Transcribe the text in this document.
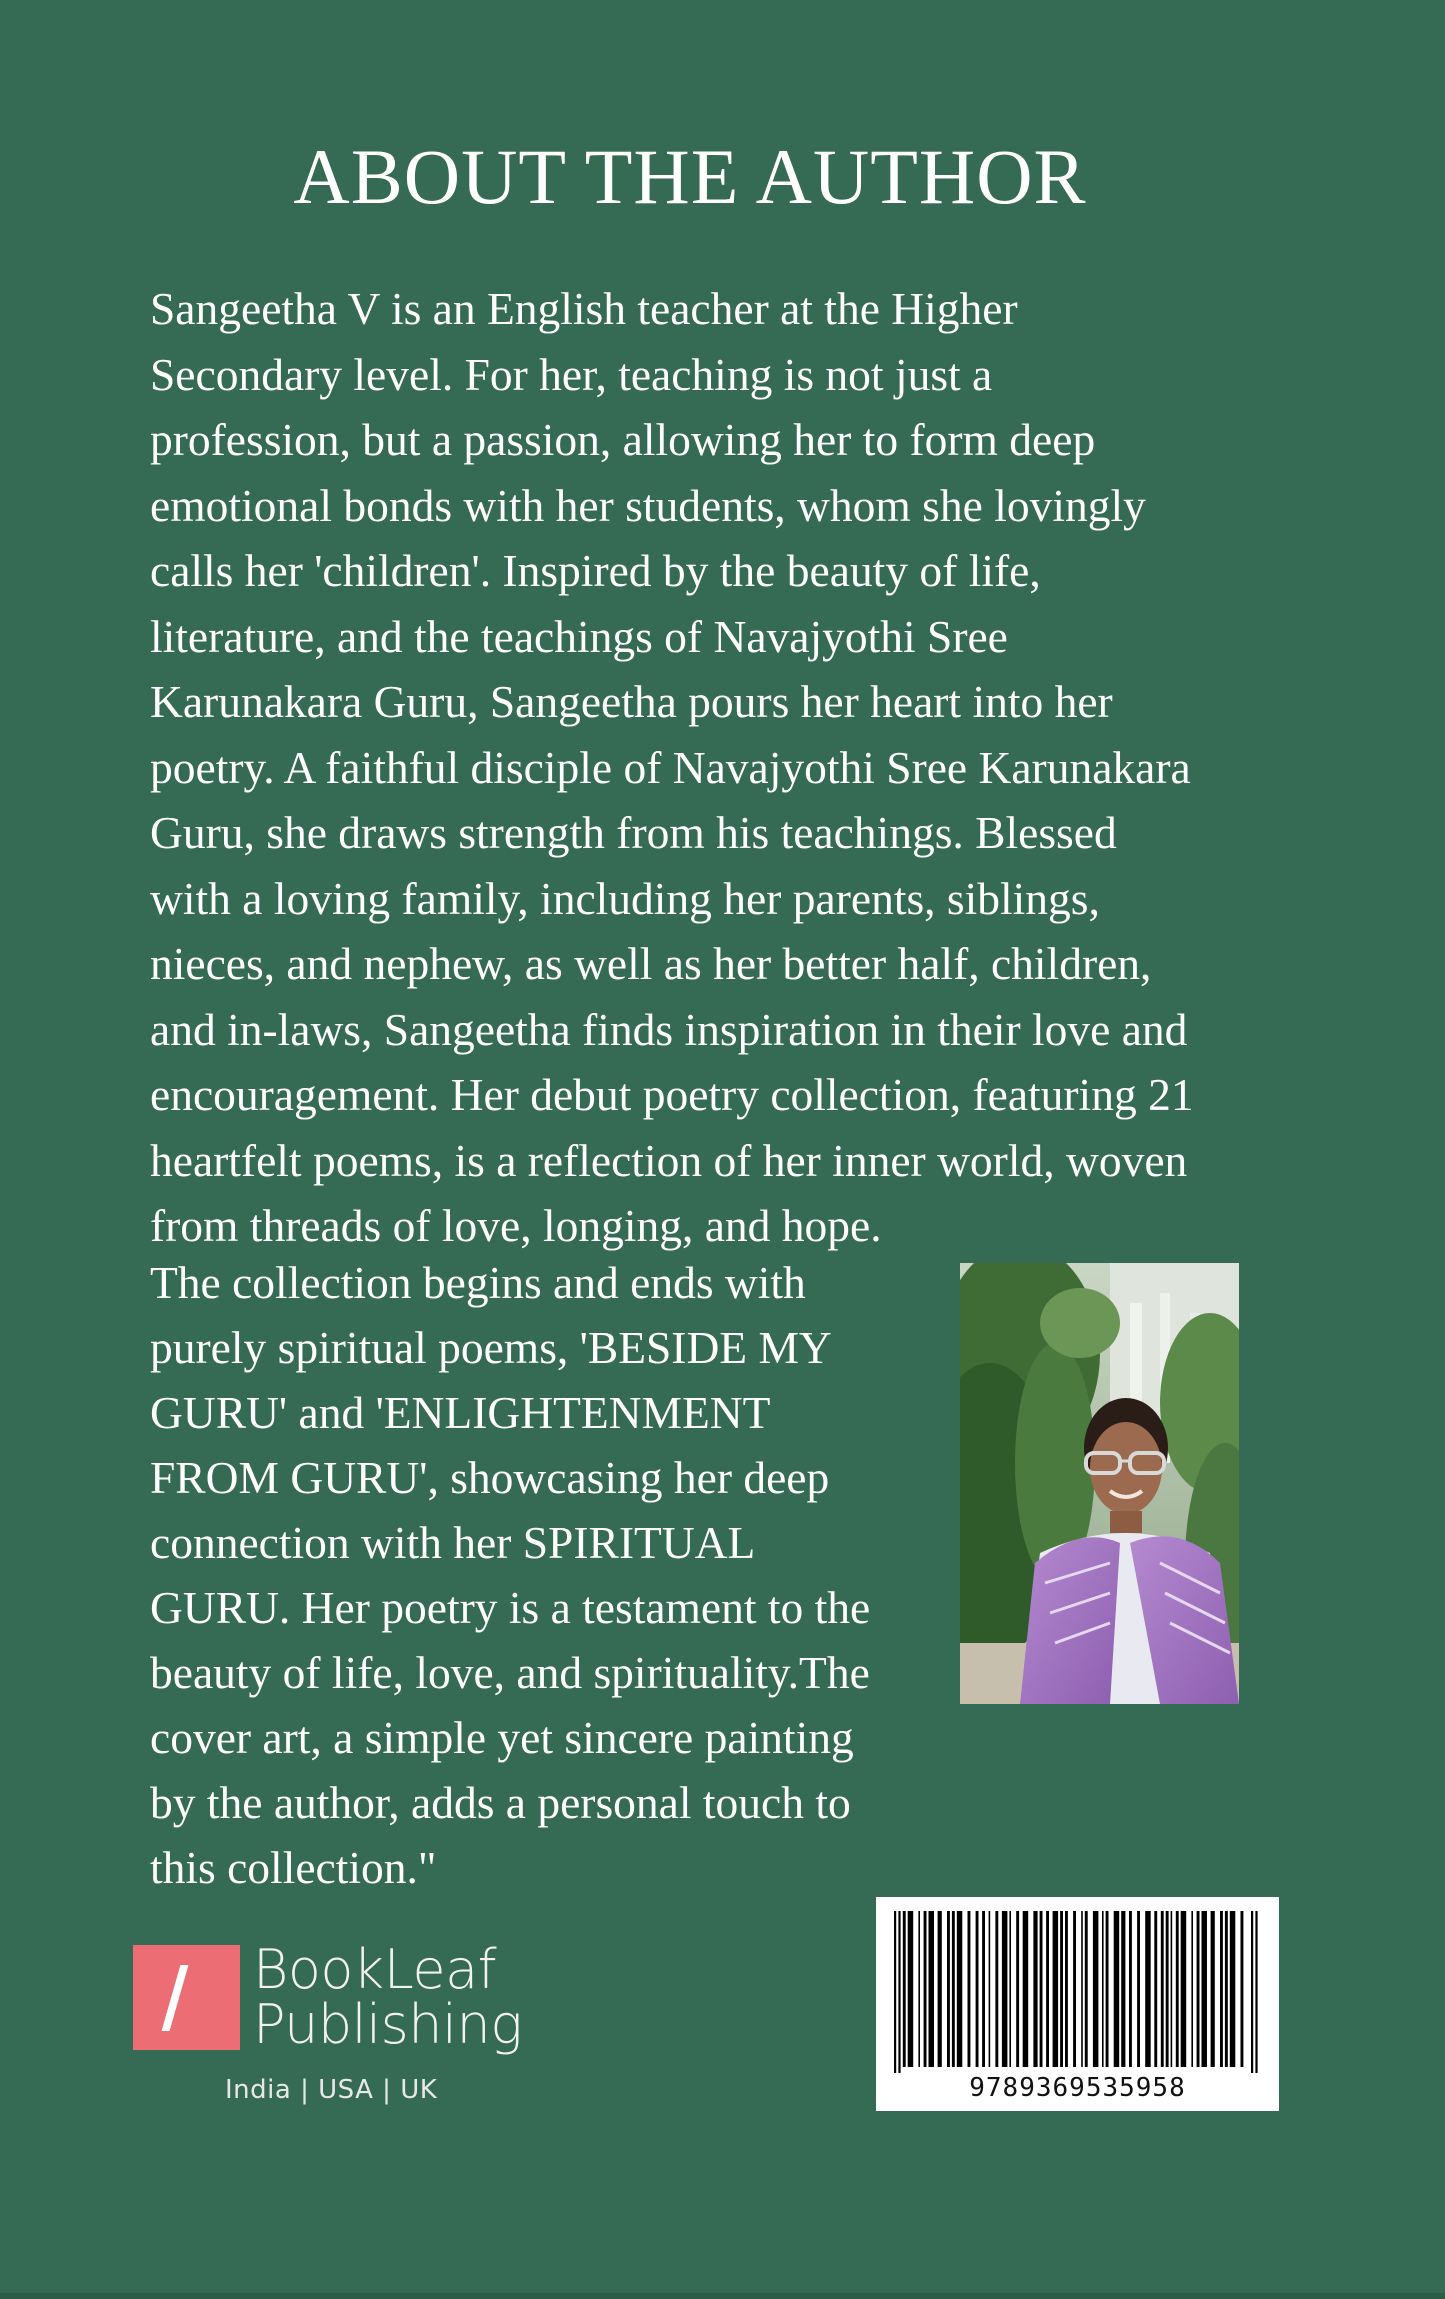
ABOUT THE AUTHOR

Sangeetha V is an English teacher at the Higher
Secondary level. For her, teaching is not just a
profession, but a passion, allowing her to form deep
emotional bonds with her students, whom she lovingly
calls her 'children'. Inspired by the beauty of life,
literature, and the teachings of Navajyothi Sree
Karunakara Guru, Sangeetha pours her heart into her
poetry. A faithful disciple of Navajyothi Sree Karunakara
Guru, she draws strength from his teachings. Blessed
with a loving family, including her parents, siblings,
nieces, and nephew, as well as her better half, children,
and in-laws, Sangeetha finds inspiration in their love and
encouragement. Her debut poetry collection, featuring 21
heartfelt poems, is a reflection of her inner world, woven
from threads of love, longing, and hope.

The collection begins and ends with
purely spiritual poems, 'BESIDE MY
GURU' and 'ENLIGHTENMENT
FROM GURU', showcasing her deep
connection with her SPIRITUAL
GURU. Her poetry is a testament to the
beauty of life, love, and spirituality.The
cover art, a simple yet sincere painting
by the author, adds a personal touch to
this collection."

BookLeaf
Publishing
India | USA | UK	9789369535958
